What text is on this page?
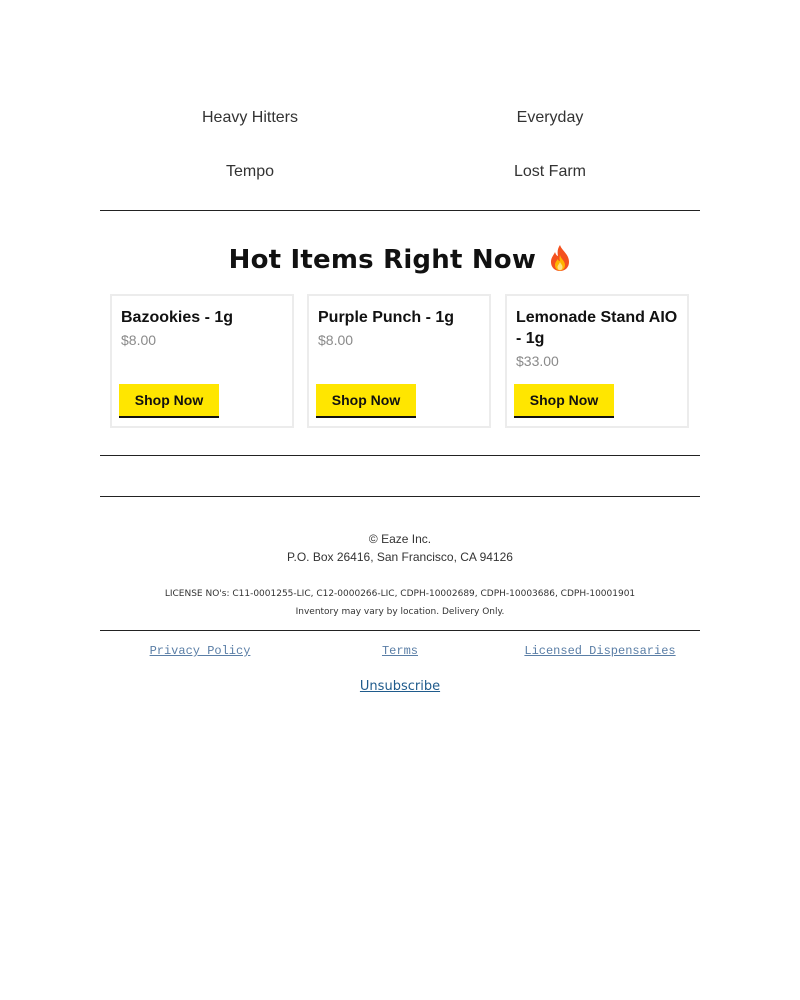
Heavy Hitters	Everyday
Tempo	Lost Farm
Hot Items Right Now
Bazookies - 1g
$8.00
Shop Now
Purple Punch - 1g
$8.00
Shop Now
Lemonade Stand AIO - 1g
$33.00
Shop Now
© Eaze Inc.
P.O. Box 26416, San Francisco, CA 94126
LICENSE NO's: C11-0001255-LIC, C12-0000266-LIC, CDPH-10002689, CDPH-10003686, CDPH-10001901
Inventory may vary by location. Delivery Only.
Privacy Policy	Terms	Licensed Dispensaries
Unsubscribe
